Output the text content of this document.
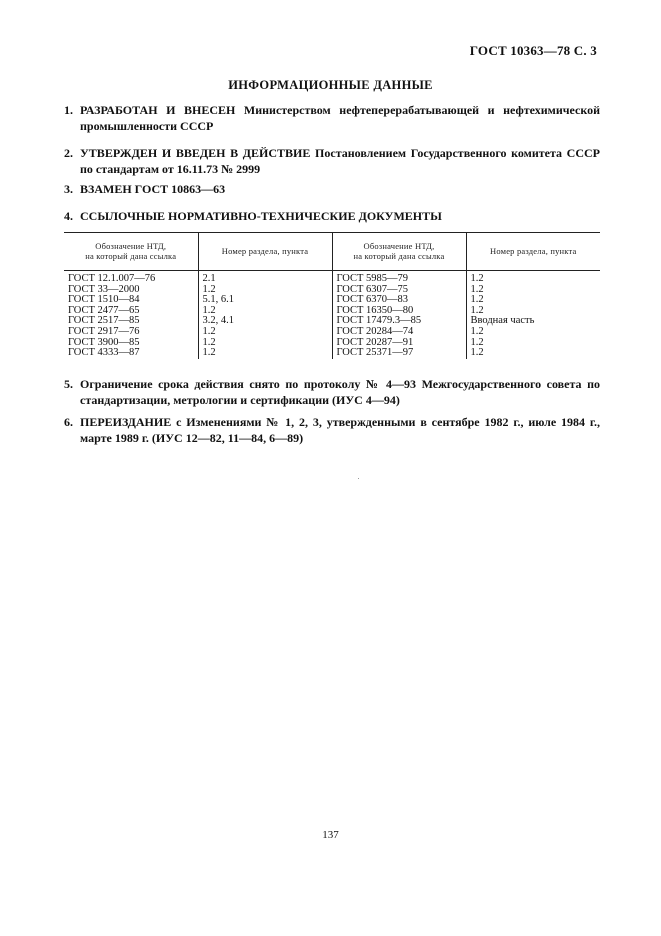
ГОСТ 10363—78 С. 3
ИНФОРМАЦИОННЫЕ ДАННЫЕ
1. РАЗРАБОТАН И ВНЕСЕН Министерством нефтеперерабатывающей и нефтехимической промышленности СССР
2. УТВЕРЖДЕН И ВВЕДЕН В ДЕЙСТВИЕ Постановлением Государственного комитета СССР по стандартам от 16.11.73 № 2999
3. ВЗАМЕН ГОСТ 10863—63
4. ССЫЛОЧНЫЕ НОРМАТИВНО-ТЕХНИЧЕСКИЕ ДОКУМЕНТЫ
Обозначение НТД,
на который дана ссылка	Номер раздела, пункта	Обозначение НТД,
на который дана ссылка	Номер раздела, пункта
ГОСТ 12.1.007—76	2.1	ГОСТ 5985—79	1.2
ГОСТ 33—2000	1.2	ГОСТ 6307—75	1.2
ГОСТ 1510—84	5.1, 6.1	ГОСТ 6370—83	1.2
ГОСТ 2477—65	1.2	ГОСТ 16350—80	1.2
ГОСТ 2517—85	3.2, 4.1	ГОСТ 17479.3—85	Вводная часть
ГОСТ 2917—76	1.2	ГОСТ 20284—74	1.2
ГОСТ 3900—85	1.2	ГОСТ 20287—91	1.2
ГОСТ 4333—87	1.2	ГОСТ 25371—97	1.2
5. Ограничение срока действия снято по протоколу № 4—93 Межгосударственного совета по стандартизации, метрологии и сертификации (ИУС 4—94)
6. ПЕРЕИЗДАНИЕ с Изменениями № 1, 2, 3, утвержденными в сентябре 1982 г., июле 1984 г., марте 1989 г. (ИУС 12—82, 11—84, 6—89)
137
